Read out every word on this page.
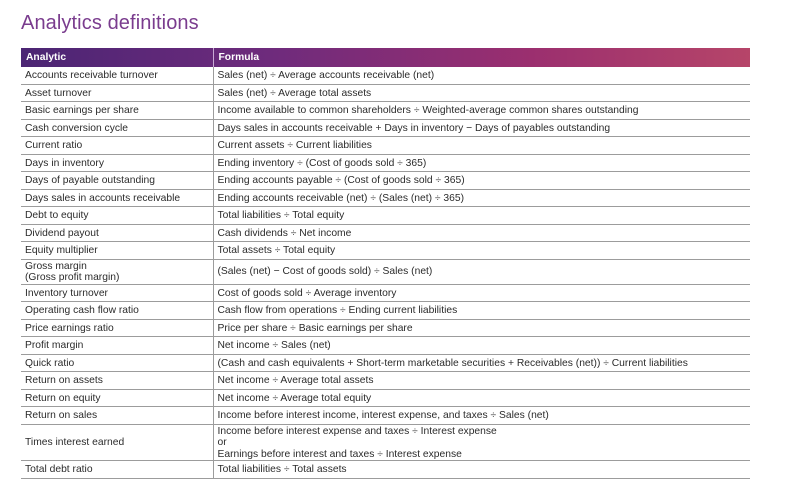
Analytics definitions
Analytic	Formula

Accounts receivable turnover	Sales (net) ÷ Average accounts receivable (net)

Asset turnover	Sales (net) ÷ Average total assets

Basic earnings per share	Income available to common shareholders ÷ Weighted-average common shares outstanding

Cash conversion cycle	Days sales in accounts receivable + Days in inventory − Days of payables outstanding

Current ratio	Current assets ÷ Current liabilities

Days in inventory	Ending inventory ÷ (Cost of goods sold ÷ 365)

Days of payable outstanding	Ending accounts payable ÷ (Cost of goods sold ÷ 365)

Days sales in accounts receivable	Ending accounts receivable (net) ÷ (Sales (net) ÷ 365)

Debt to equity	Total liabilities ÷ Total equity

Dividend payout	Cash dividends ÷ Net income

Equity multiplier	Total assets ÷ Total equity

Gross margin
(Gross profit margin)	(Sales (net) − Cost of goods sold) ÷ Sales (net)

Inventory turnover	Cost of goods sold ÷ Average inventory

Operating cash flow ratio	Cash flow from operations ÷ Ending current liabilities

Price earnings ratio	Price per share ÷ Basic earnings per share

Profit margin	Net income ÷ Sales (net)

Quick ratio	(Cash and cash equivalents + Short-term marketable securities + Receivables (net)) ÷ Current liabilities

Return on assets	Net income ÷ Average total assets

Return on equity	Net income ÷ Average total equity

Return on sales	Income before interest income, interest expense, and taxes ÷ Sales (net)

Times interest earned	Income before interest expense and taxes ÷ Interest expense
or
Earnings before interest and taxes ÷ Interest expense

Total debt ratio	Total liabilities ÷ Total assets
